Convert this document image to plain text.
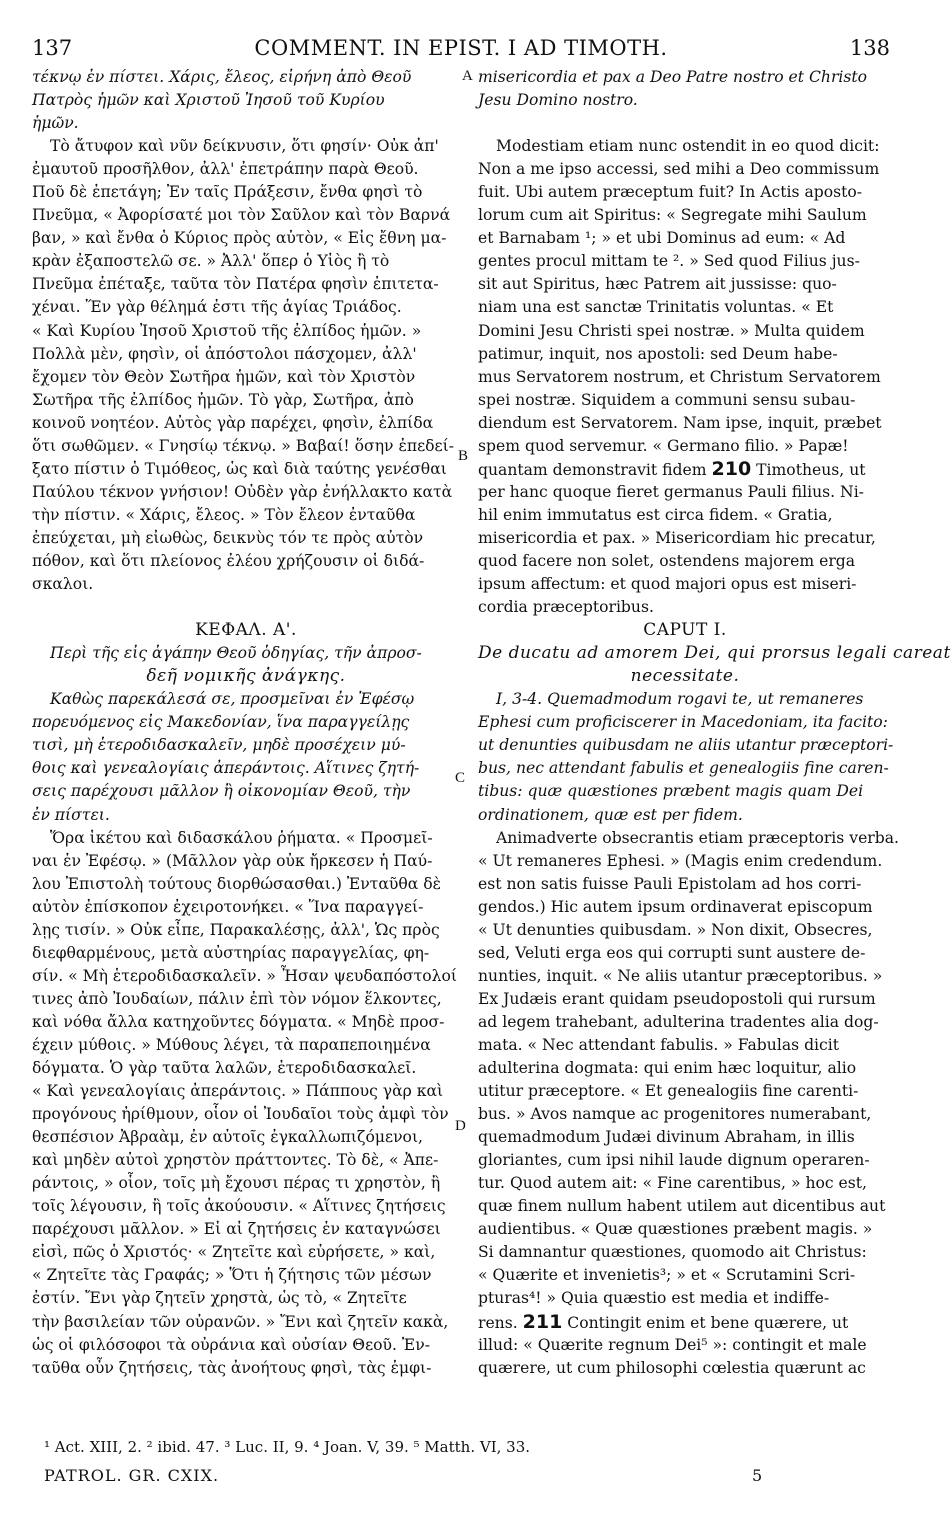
COMMENT. IN EPIST. I AD TIMOTH.
137	138
τέκνῳ ἐν πίστει. Χάρις, ἔλεος, εἰρήνη ἀπὸ Θεοῦ
Πατρὸς ἡμῶν καὶ Χριστοῦ Ἰησοῦ τοῦ Κυρίου
ἡμῶν.
Τὸ ἄτυφον καὶ νῦν δείκνυσιν, ὅτι φησίν· Οὐκ ἀπ'
ἐμαυτοῦ προσῆλθον, ἀλλ' ἐπετράπην παρὰ Θεοῦ.
Ποῦ δὲ ἐπετάγη; Ἐν ταῖς Πράξεσιν, ἔνθα φησὶ τὸ
Πνεῦμα, « Ἀφορίσατέ μοι τὸν Σαῦλον καὶ τὸν Βαρνά
βαν, » καὶ ἔνθα ὁ Κύριος πρὸς αὐτὸν, « Εἰς ἔθνη μα-
κρὰν ἐξαποστελῶ σε. » Ἀλλ' ὅπερ ὁ Υἱὸς ἢ τὸ
Πνεῦμα ἐπέταξε, ταῦτα τὸν Πατέρα φησὶν ἐπιτετα-
χέναι. Ἕν γὰρ θέλημά ἐστι τῆς ἁγίας Τριάδος.
« Καὶ Κυρίου Ἰησοῦ Χριστοῦ τῆς ἐλπίδος ἡμῶν. »
Πολλὰ μὲν, φησὶν, οἱ ἀπόστολοι πάσχομεν, ἀλλ'
ἔχομεν τὸν Θεὸν Σωτῆρα ἡμῶν, καὶ τὸν Χριστὸν
Σωτῆρα τῆς ἐλπίδος ἡμῶν. Τὸ γὰρ, Σωτῆρα, ἀπὸ
κοινοῦ νοητέον. Αὐτὸς γὰρ παρέχει, φησὶν, ἐλπίδα
ὅτι σωθῶμεν. « Γνησίῳ τέκνῳ. » Βαβαί! ὅσην ἐπεδεί-
ξατο πίστιν ὁ Τιμόθεος, ὡς καὶ διὰ ταύτης γενέσθαι
Παύλου τέκνον γνήσιον! Οὐδὲν γὰρ ἐνήλλακτο κατὰ
τὴν πίστιν. « Χάρις, ἔλεος. » Τὸν ἔλεον ἐνταῦθα
ἐπεύχεται, μὴ εἰωθὼς, δεικνὺς τόν τε πρὸς αὐτὸν
πόθον, καὶ ὅτι πλείονος ἐλέου χρήζουσιν οἱ διδά-
σκαλοι.
ΚΕΦΑΛ. Α'.
Περὶ τῆς εἰς ἀγάπην Θεοῦ ὁδηγίας, τῆν ἀπροσ-
δεῆ νομικῆς ἀνάγκης.
Καθὼς παρεκάλεσά σε, προσμεῖναι ἐν Ἐφέσῳ
πορευόμενος εἰς Μακεδονίαν, ἵνα παραγγείλῃς
τισὶ, μὴ ἑτεροδιδασκαλεῖν, μηδὲ προσέχειν μύ-
θοις καὶ γενεαλογίαις ἀπεράντοις. Αἵτινες ζητή-
σεις παρέχουσι μᾶλλον ἢ οἰκονομίαν Θεοῦ, τὴν
ἐν πίστει.
Ὅρα ἱκέτου καὶ διδασκάλου ῥήματα. « Προσμεῖ-
ναι ἐν Ἐφέσῳ. » (Μᾶλλον γὰρ οὐκ ἤρκεσεν ἡ Παύ-
λου Ἐπιστολὴ τούτους διορθώσασθαι.) Ἐνταῦθα δὲ
αὐτὸν ἐπίσκοπον ἐχειροτονήκει. « Ἵνα παραγγεί-
λῃς τισίν. » Οὐκ εἶπε, Παρακαλέσῃς, ἀλλ', Ὡς πρὸς
διεφθαρμένους, μετὰ αὐστηρίας παραγγελίας, φη-
σίν. « Μὴ ἑτεροδιδασκαλεῖν. » Ἦσαν ψευδαπόστολοί
τινες ἀπὸ Ἰουδαίων, πάλιν ἐπὶ τὸν νόμον ἕλκοντες,
καὶ νόθα ἄλλα κατηχοῦντες δόγματα. « Μηδὲ προσ-
έχειν μύθοις. » Μύθους λέγει, τὰ παραπεποιημένα
δόγματα. Ὁ γὰρ ταῦτα λαλῶν, ἑτεροδιδασκαλεῖ.
« Καὶ γενεαλογίαις ἀπεράντοις. » Πάππους γὰρ καὶ
προγόνους ἠρίθμουν, οἷον οἱ Ἰουδαῖοι τοὺς ἀμφὶ τὸν
θεσπέσιον Ἀβραὰμ, ἐν αὐτοῖς ἐγκαλλωπιζόμενοι,
καὶ μηδὲν αὐτοὶ χρηστὸν πράττοντες. Τὸ δὲ, « Ἀπε-
ράντοις, » οἷον, τοῖς μὴ ἔχουσι πέρας τι χρηστὸν, ἢ
τοῖς λέγουσιν, ἢ τοῖς ἀκούουσιν. « Αἵτινες ζητήσεις
παρέχουσι μᾶλλον. » Εἰ αἱ ζητήσεις ἐν καταγνώσει
εἰσὶ, πῶς ὁ Χριστός· « Ζητεῖτε καὶ εὑρήσετε, » καὶ,
« Ζητεῖτε τὰς Γραφάς; » Ὅτι ἡ ζήτησις τῶν μέσων
ἐστίν. Ἔνι γὰρ ζητεῖν χρηστὰ, ὡς τὸ, « Ζητεῖτε
τὴν βασιλείαν τῶν οὐρανῶν. » Ἔνι καὶ ζητεῖν κακὰ,
ὡς οἱ φιλόσοφοι τὰ οὐράνια καὶ οὐσίαν Θεοῦ. Ἐν-
ταῦθα οὖν ζητήσεις, τὰς ἀνοήτους φησὶ, τὰς ἐμφι-
misericordia et pax a Deo Patre nostro et Christo
Jesu Domino nostro.
Modestiam etiam nunc ostendit in eo quod dicit:
Non a me ipso accessi, sed mihi a Deo commissum
fuit. Ubi autem præceptum fuit? In Actis aposto-
lorum cum ait Spiritus: « Segregate mihi Saulum
et Barnabam ¹; » et ubi Dominus ad eum: « Ad
gentes procul mittam te ². » Sed quod Filius jus-
sit aut Spiritus, hæc Patrem ait jussisse: quo-
niam una est sanctæ Trinitatis voluntas. « Et
Domini Jesu Christi spei nostræ. » Multa quidem
patimur, inquit, nos apostoli: sed Deum habe-
mus Servatorem nostrum, et Christum Servatorem
spei nostræ. Siquidem a communi sensu subau-
diendum est Servatorem. Nam ipse, inquit, præbet
spem quod servemur. « Germano filio. » Papæ!
quantam demonstravit fidem 210 Timotheus, ut
per hanc quoque fieret germanus Pauli filius. Ni-
hil enim immutatus est circa fidem. « Gratia,
misericordia et pax. » Misericordiam hic precatur,
quod facere non solet, ostendens majorem erga
ipsum affectum: et quod majori opus est miseri-
cordia præceptoribus.
CAPUT I.
De ducatu ad amorem Dei, qui prorsus legali careat
necessitate.
I, 3-4. Quemadmodum rogavi te, ut remaneres
Ephesi cum proficiscerer in Macedoniam, ita facito:
ut denunties quibusdam ne aliis utantur præceptori-
bus, nec attendant fabulis et genealogiis fine caren-
tibus: quæ quæstiones præbent magis quam Dei
ordinationem, quæ est per fidem.
Animadverte obsecrantis etiam præceptoris verba.
« Ut remaneres Ephesi. » (Magis enim credendum.
est non satis fuisse Pauli Epistolam ad hos corri-
gendos.) Hic autem ipsum ordinaverat episcopum
« Ut denunties quibusdam. » Non dixit, Obsecres,
sed, Veluti erga eos qui corrupti sunt austere de-
nunties, inquit. « Ne aliis utantur præceptoribus. »
Ex Judæis erant quidam pseudopostoli qui rursum
ad legem trahebant, adulterina tradentes alia dog-
mata. « Nec attendant fabulis. » Fabulas dicit
adulterina dogmata: qui enim hæc loquitur, alio
utitur præceptore. « Et genealogiis fine carenti-
bus. » Avos namque ac progenitores numerabant,
quemadmodum Judæi divinum Abraham, in illis
gloriantes, cum ipsi nihil laude dignum operaren-
tur. Quod autem ait: « Fine carentibus, » hoc est,
quæ finem nullum habent utilem aut dicentibus aut
audientibus. « Quæ quæstiones præbent magis. »
Si damnantur quæstiones, quomodo ait Christus:
« Quærite et invenietis³; » et « Scrutamini Scri-
pturas⁴! » Quia quæstio est media et indiffe-
rens. 211 Contingit enim et bene quærere, ut
illud: « Quærite regnum Dei⁵ »: contingit et male
quærere, ut cum philosophi cœlestia quærunt ac
A
B
C
D
¹ Act. XIII, 2. ² ibid. 47. ³ Luc. II, 9. ⁴ Joan. V, 39. ⁵ Matth. VI, 33.
PATROL. GR. CXIX.	5
